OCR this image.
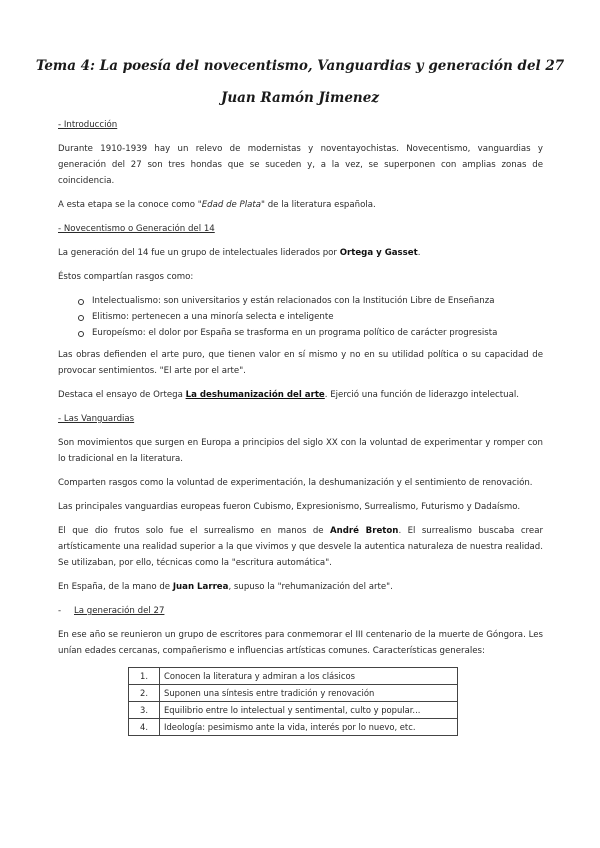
Tema 4: La poesía del novecentismo, Vanguardias y generación del 27
Juan Ramón Jimenez
- Introducción

Durante 1910-1939 hay un relevo de modernistas y noventayochistas. Novecentismo, vanguardias y generación del 27 son tres hondas que se suceden y, a la vez, se superponen con amplias zonas de coincidencia.

A esta etapa se la conoce como "Edad de Plata" de la literatura española.

- Novecentismo o Generación del 14

La generación del 14 fue un grupo de intelectuales liderados por Ortega y Gasset.

Éstos compartían rasgos como:

Intelectualismo: son universitarios y están relacionados con la Institución Libre de Enseñanza
Elitismo: pertenecen a una minoría selecta e inteligente
Europeísmo: el dolor por España se trasforma en un programa político de carácter progresista

Las obras defienden el arte puro, que tienen valor en sí mismo y no en su utilidad política o su capacidad de provocar sentimientos. "El arte por el arte".

Destaca el ensayo de Ortega La deshumanización del arte. Ejerció una función de liderazgo intelectual.

- Las Vanguardias

Son movimientos que surgen en Europa a principios del siglo XX con la voluntad de experimentar y romper con lo tradicional en la literatura.

Comparten rasgos como la voluntad de experimentación, la deshumanización y el sentimiento de renovación.

Las principales vanguardias europeas fueron Cubismo, Expresionismo, Surrealismo, Futurismo y Dadaísmo.

El que dio frutos solo fue el surrealismo en manos de André Breton. El surrealismo buscaba crear artísticamente una realidad superior a la que vivimos y que desvele la autentica naturaleza de nuestra realidad. Se utilizaban, por ello, técnicas como la "escritura automática".

En España, de la mano de Juan Larrea, supuso la "rehumanización del arte".

- La generación del 27

En ese año se reunieron un grupo de escritores para conmemorar el III centenario de la muerte de Góngora. Les unían edades cercanas, compañerismo e influencias artísticas comunes. Características generales:

1.	Conocen la literatura y admiran a los clásicos
2.	Suponen una síntesis entre tradición y renovación
3.	Equilibrio entre lo intelectual y sentimental, culto y popular...
4.	Ideología: pesimismo ante la vida, interés por lo nuevo, etc.
